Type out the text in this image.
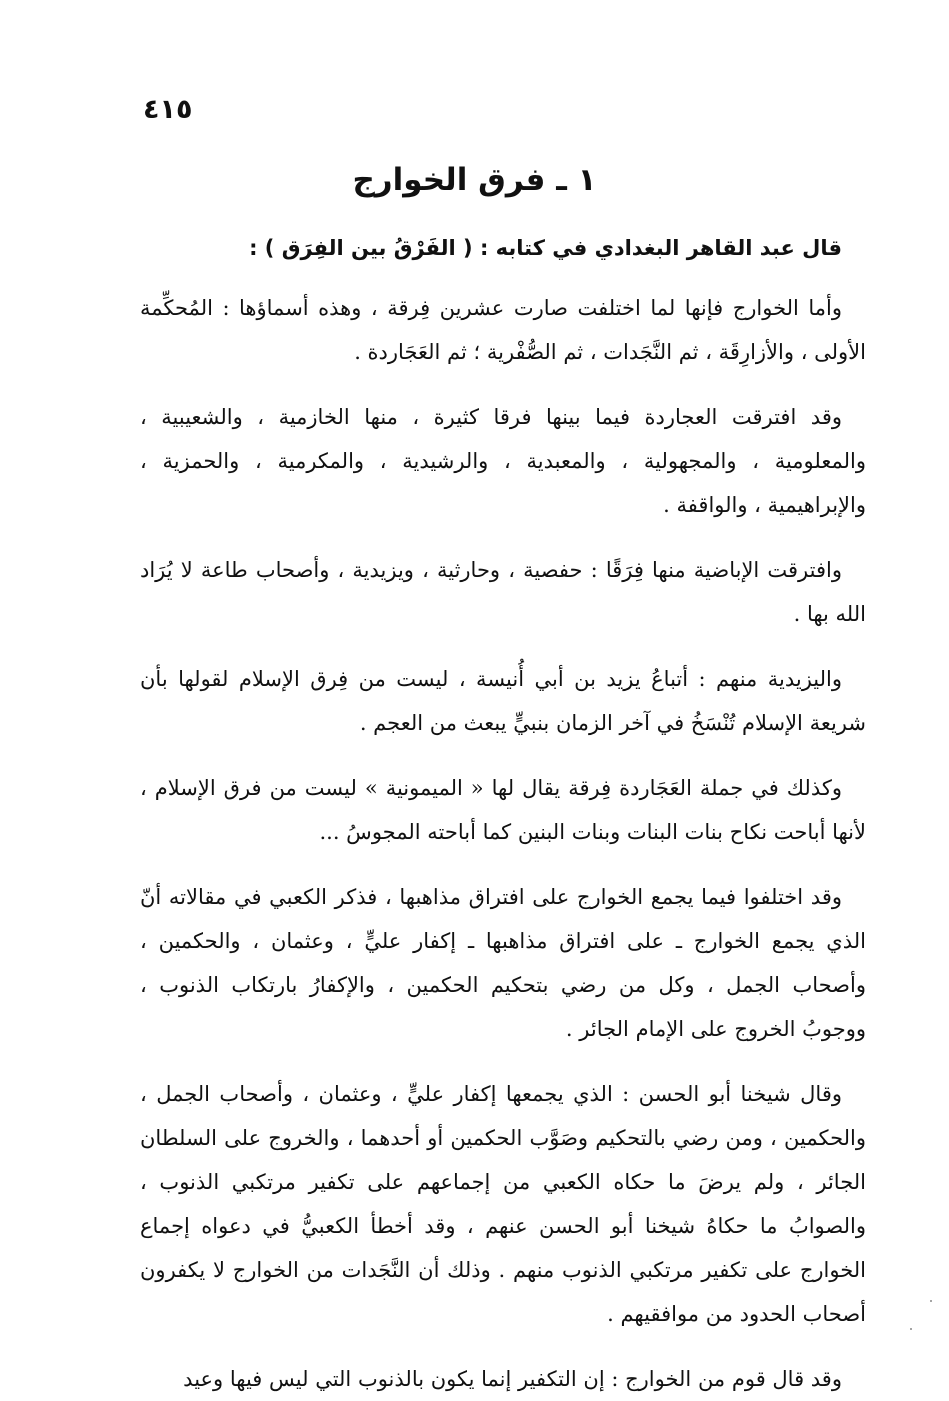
٤١٥
١ ـ فرق الخوارج

قال عبد القاهر البغدادي في كتابه : ( الفَرْقُ بين الفِرَق ) :

وأما الخوارج فإنها لما اختلفت صارت عشرين فِرقة ، وهذه أسماؤها : المُحكِّمة الأولى ، والأزارِقَة ، ثم النَّجَدات ، ثم الصُّفْرية ؛ ثم العَجَاردة .

وقد افترقت العجاردة فيما بينها فرقا كثيرة ، منها الخازمية ، والشعيبية ، والمعلومية ، والمجهولية ، والمعبدية ، والرشيدية ، والمكرمية ، والحمزية ، والإبراهيمية ، والواقفة .

وافترقت الإباضية منها فِرَقًا : حفصية ، وحارثية ، ويزيدية ، وأصحاب طاعة لا يُرَاد الله بها .

واليزيدية منهم : أتباعُ يزيد بن أبي أُنيسة ، ليست من فِرق الإسلام لقولها بأن شريعة الإسلام تُنْسَخُ في آخر الزمان بنبيٍّ يبعث من العجم .

وكذلك في جملة العَجَاردة فِرقة يقال لها « الميمونية » ليست من فرق الإسلام ، لأنها أباحت نكاح بنات البنات وبنات البنين كما أباحته المجوسُ ...

وقد اختلفوا فيما يجمع الخوارج على افتراق مذاهبها ، فذكر الكعبي في مقالاته أنّ الذي يجمع الخوارج ـ على افتراق مذاهبها ـ إكفار عليٍّ ، وعثمان ، والحكمين ، وأصحاب الجمل ، وكل من رضي بتحكيم الحكمين ، والإكفارُ بارتكاب الذنوب ، ووجوبُ الخروج على الإمام الجائر .

وقال شيخنا أبو الحسن : الذي يجمعها إكفار عليٍّ ، وعثمان ، وأصحاب الجمل ، والحكمين ، ومن رضي بالتحكيم وصَوَّب الحكمين أو أحدهما ، والخروج على السلطان الجائر ، ولم يرضَ ما حكاه الكعبي من إجماعهم على تكفير مرتكبي الذنوب ، والصوابُ ما حكاهُ شيخنا أبو الحسن عنهم ، وقد أخطأ الكعبيُّ في دعواه إجماع الخوارج على تكفير مرتكبي الذنوب منهم . وذلك أن النَّجَدات من الخوارج لا يكفرون أصحاب الحدود من موافقيهم .

وقد قال قوم من الخوارج : إن التكفير إنما يكون بالذنوب التي ليس فيها وعيد
